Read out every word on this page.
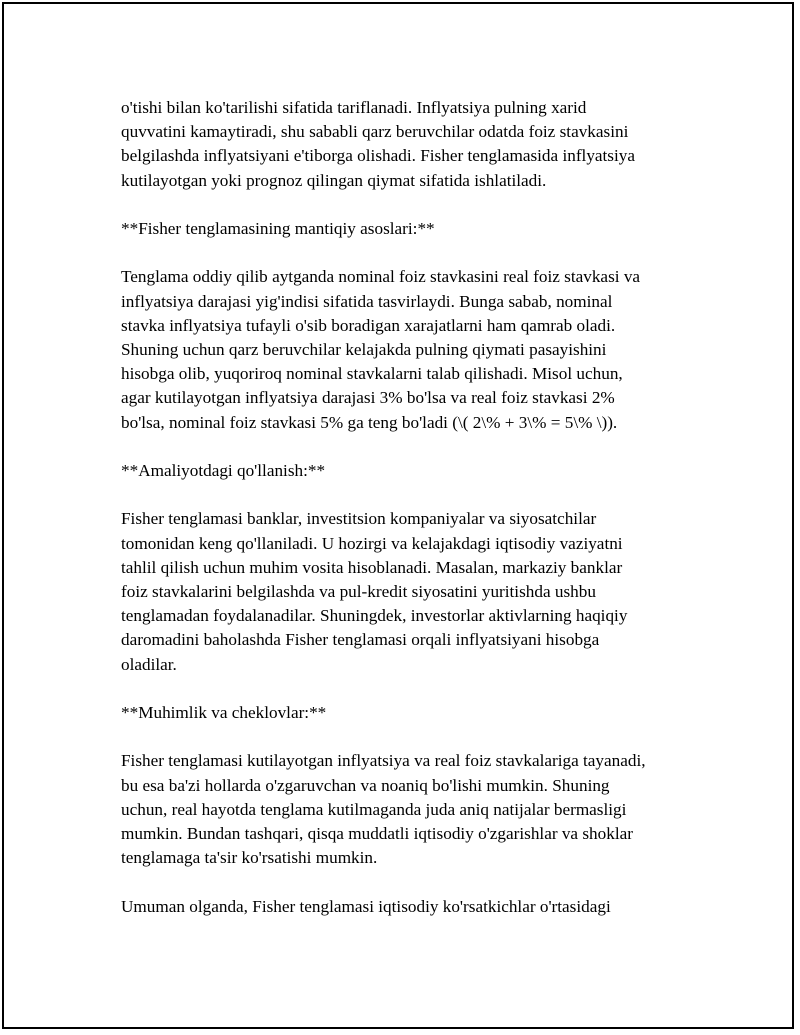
o'tishi bilan ko'tarilishi sifatida tariflanadi. Inflyatsiya pulning xarid
quvvatini kamaytiradi, shu sababli qarz beruvchilar odatda foiz stavkasini
belgilashda inflyatsiyani e'tiborga olishadi. Fisher tenglamasida inflyatsiya
kutilayotgan yoki prognoz qilingan qiymat sifatida ishlatiladi.

**Fisher tenglamasining mantiqiy asoslari:**

Tenglama oddiy qilib aytganda nominal foiz stavkasini real foiz stavkasi va
inflyatsiya darajasi yig'indisi sifatida tasvirlaydi. Bunga sabab, nominal
stavka inflyatsiya tufayli o'sib boradigan xarajatlarni ham qamrab oladi.
Shuning uchun qarz beruvchilar kelajakda pulning qiymati pasayishini
hisobga olib, yuqoriroq nominal stavkalarni talab qilishadi. Misol uchun,
agar kutilayotgan inflyatsiya darajasi 3% bo'lsa va real foiz stavkasi 2%
bo'lsa, nominal foiz stavkasi 5% ga teng bo'ladi (\( 2\% + 3\% = 5\% \)).

**Amaliyotdagi qo'llanish:**

Fisher tenglamasi banklar, investitsion kompaniyalar va siyosatchilar
tomonidan keng qo'llaniladi. U hozirgi va kelajakdagi iqtisodiy vaziyatni
tahlil qilish uchun muhim vosita hisoblanadi. Masalan, markaziy banklar
foiz stavkalarini belgilashda va pul-kredit siyosatini yuritishda ushbu
tenglamadan foydalanadilar. Shuningdek, investorlar aktivlarning haqiqiy
daromadini baholashda Fisher tenglamasi orqali inflyatsiyani hisobga
oladilar.

**Muhimlik va cheklovlar:**

Fisher tenglamasi kutilayotgan inflyatsiya va real foiz stavkalariga tayanadi,
bu esa ba'zi hollarda o'zgaruvchan va noaniq bo'lishi mumkin. Shuning
uchun, real hayotda tenglama kutilmaganda juda aniq natijalar bermasligi
mumkin. Bundan tashqari, qisqa muddatli iqtisodiy o'zgarishlar va shoklar
tenglamaga ta'sir ko'rsatishi mumkin.

Umuman olganda, Fisher tenglamasi iqtisodiy ko'rsatkichlar o'rtasidagi
